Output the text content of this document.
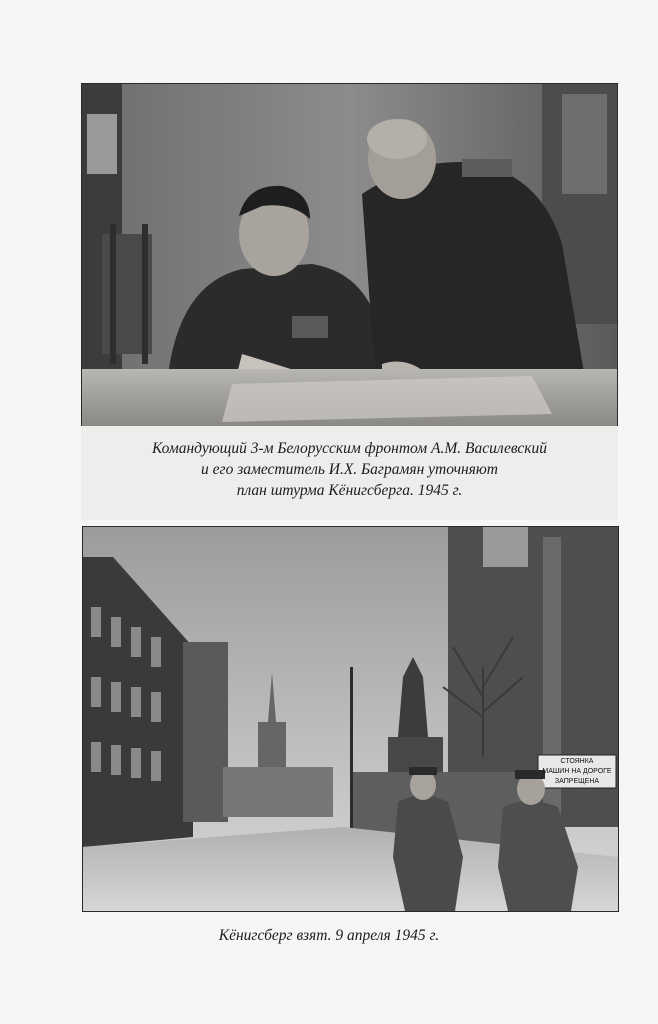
Командующий 3-м Белорусским фронтом А.М. Василевский
и его заместитель И.Х. Баграмян уточняют
план штурма Кёнигсберга. 1945 г.
СТОЯНКА
МАШИН НА ДОРОГЕ
ЗАПРЕЩЕНА
Кёнигсберг взят. 9 апреля 1945 г.
